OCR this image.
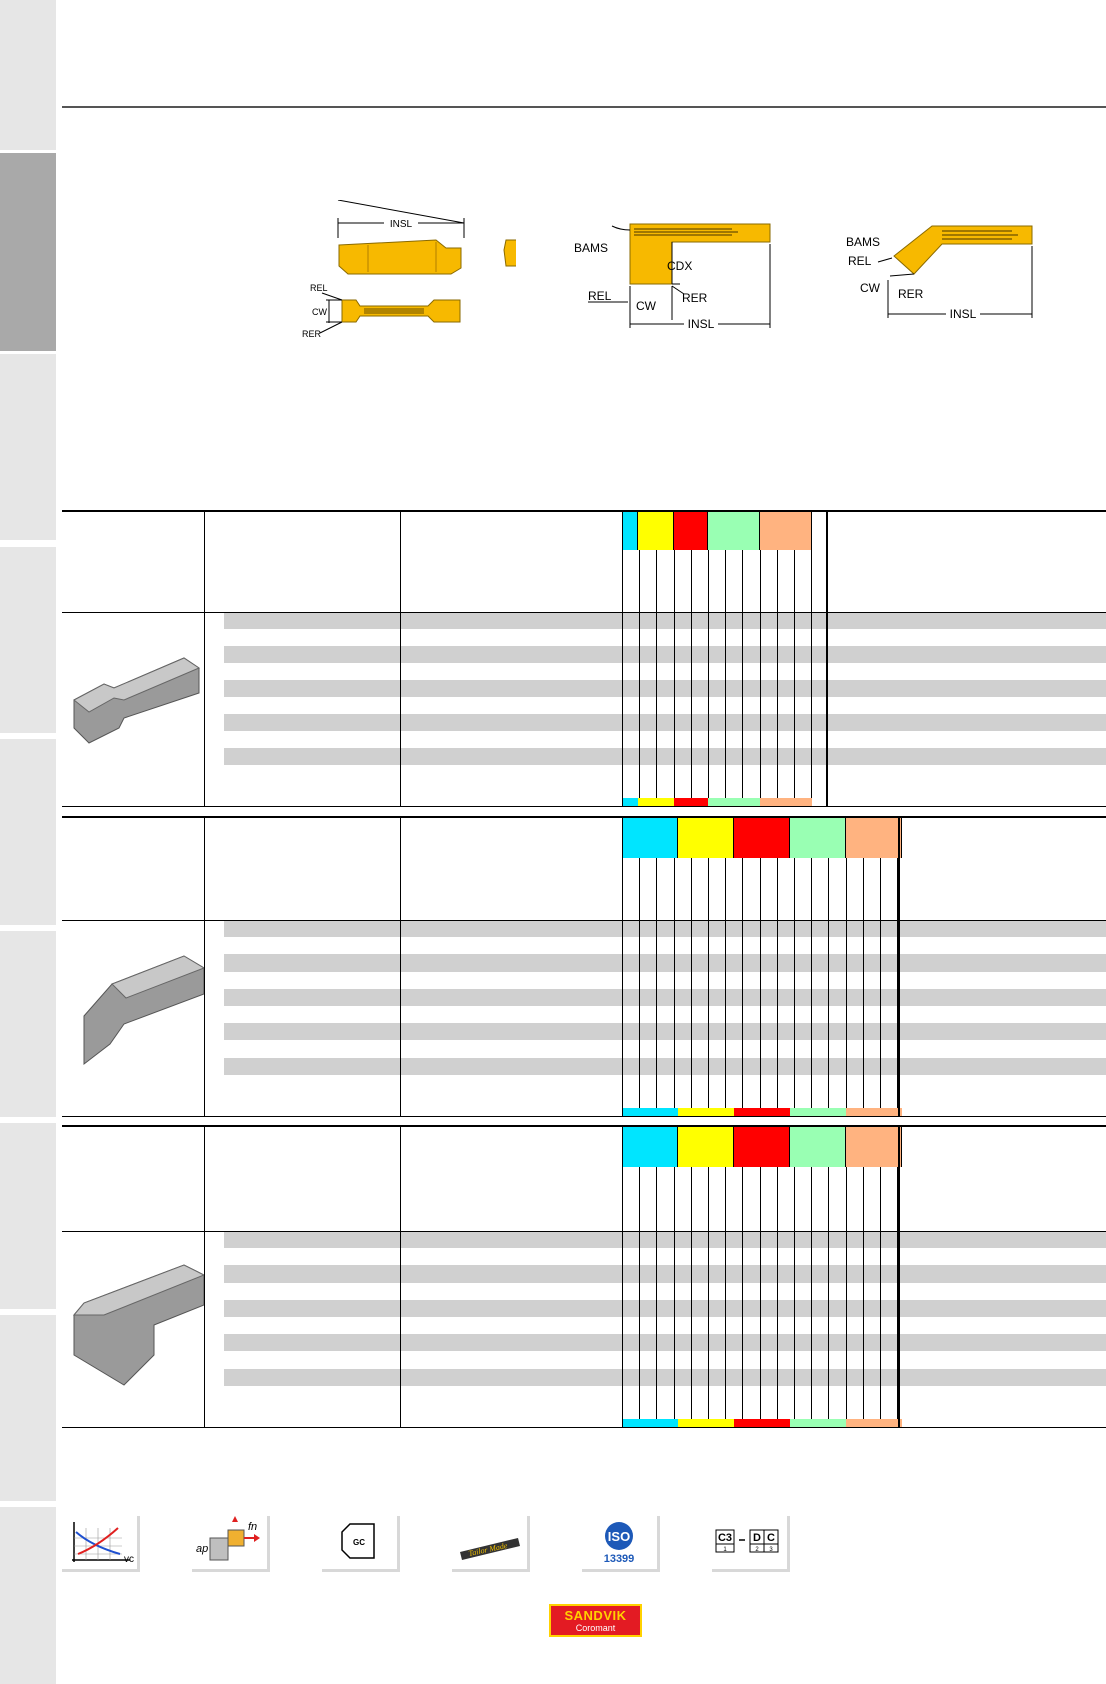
INSL
REL
CW
RER
BAMS
CDX
REL	RER
CW
INSL
BAMS
REL
CW RER
INSL
vc
ap
fn
GC	Tailor Made
ISO
13399
C3
1
D C
2 3
SANDVIK
Coromant
